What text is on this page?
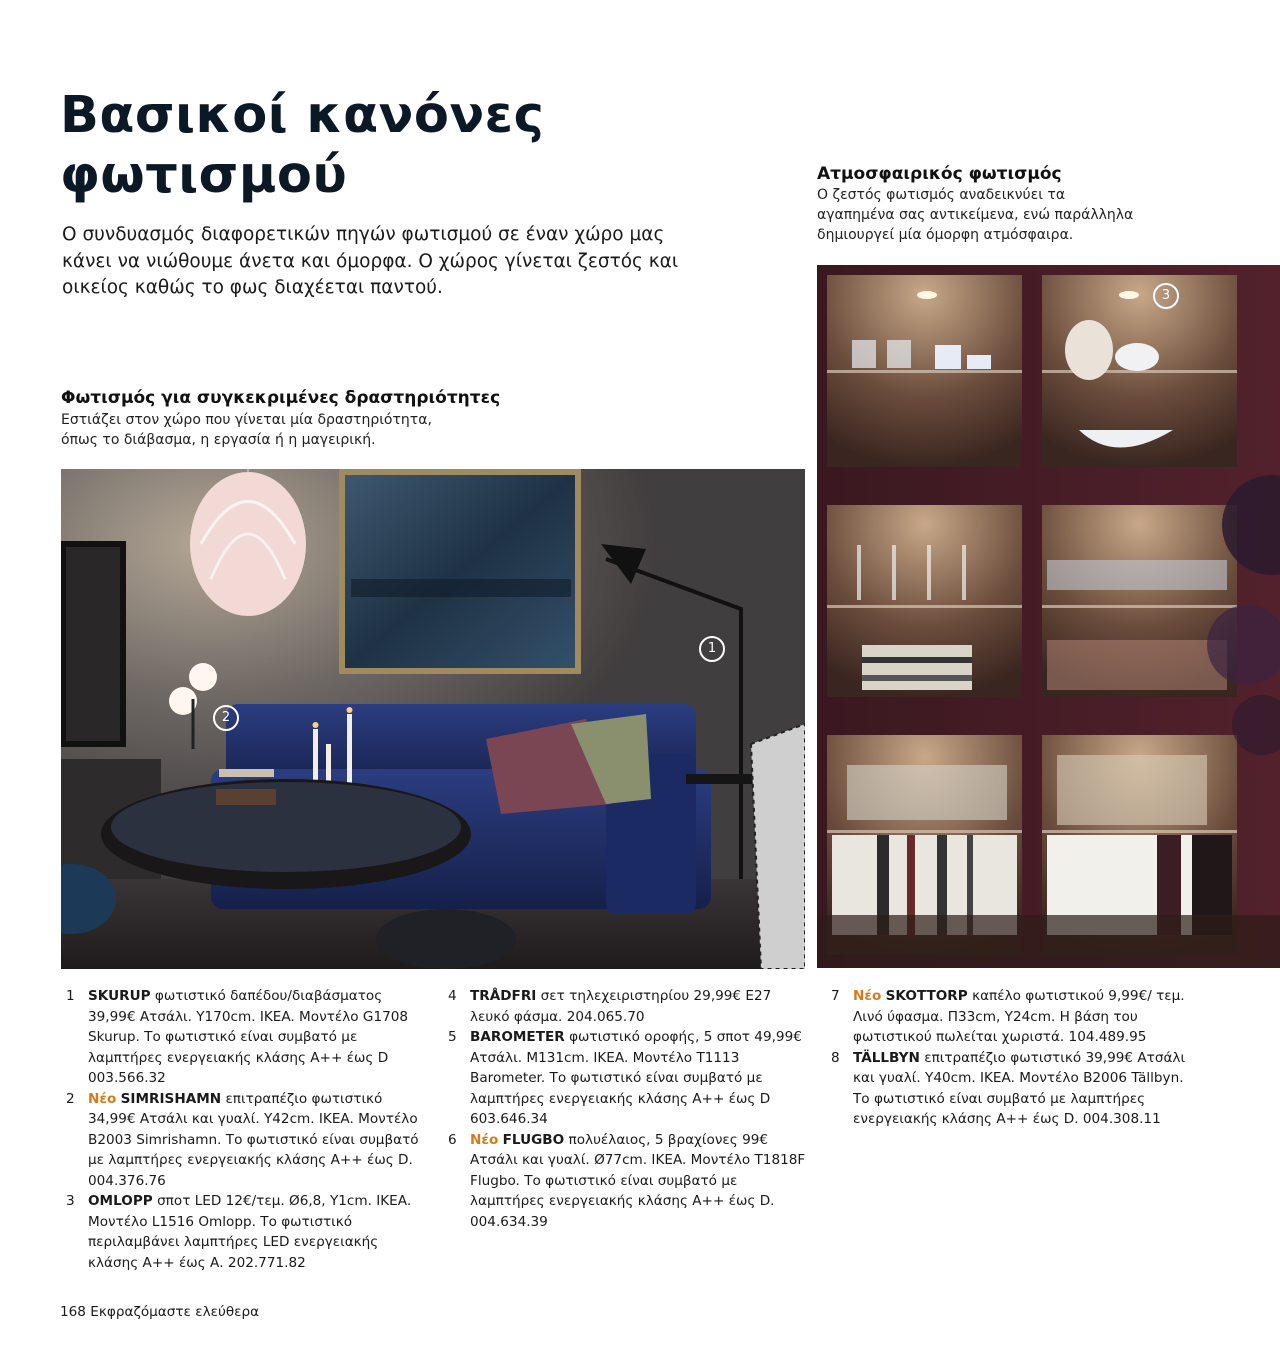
Βασικοί κανόνες
φωτισμού

Ο συνδυασμός διαφορετικών πηγών φωτισμού σε έναν χώρο μας κάνει να νιώθουμε άνετα και όμορφα. Ο χώρος γίνεται ζεστός και οικείος καθώς το φως διαχέεται παντού.

Φωτισμός για συγκεκριμένες δραστηριότητες

Εστιάζει στον χώρο που γίνεται μία δραστηριότητα,
όπως το διάβασμα, η εργασία ή η μαγειρική.

Ατμοσφαιρικός φωτισμός

Ο ζεστός φωτισμός αναδεικνύει τα
αγαπημένα σας αντικείμενα, ενώ παράλληλα
δημιουργεί μία όμορφη ατμόσφαιρα.

1
2
3
1 SKURUP φωτιστικό δαπέδου/διαβάσματος 39,99€ Ατσάλι. Υ170cm. IKEA. Μοντέλο G1708 Skurup. Το φωτιστικό είναι συμβατό με λαμπτήρες ενεργειακής κλάσης Α++ έως D 003.566.32
2 Νέο SIMRISHAMN επιτραπέζιο φωτιστικό 34,99€ Ατσάλι και γυαλί. Υ42cm. IKEA. Μοντέλο B2003 Simrishamn. Το φωτιστικό είναι συμβατό με λαμπτήρες ενεργειακής κλάσης Α++ έως D. 004.376.76
3 OMLOPP σποτ LED 12€/τεμ. Ø6,8, Y1cm. IKEA. Μοντέλο L1516 Omlopp. Το φωτιστικό περιλαμβάνει λαμπτήρες LED ενεργειακής κλάσης Α++ έως Α. 202.771.82
4 TRÅDFRI σετ τηλεχειριστηρίου 29,99€ E27 λευκό φάσμα. 204.065.70
5 BAROMETER φωτιστικό οροφής, 5 σποτ 49,99€ Ατσάλι. M131cm. IKEA. Μοντέλο T1113 Barometer. Το φωτιστικό είναι συμβατό με λαμπτήρες ενεργειακής κλάσης Α++ έως D 603.646.34
6 Νέο FLUGBO πολυέλαιος, 5 βραχίονες 99€ Ατσάλι και γυαλί. Ø77cm. IKEA. Μοντέλο T1818F Flugbo. Το φωτιστικό είναι συμβατό με λαμπτήρες ενεργειακής κλάσης Α++ έως D. 004.634.39
7 Νέο SKOTTORP καπέλο φωτιστικού 9,99€/ τεμ. Λινό ύφασμα. Π33cm, Υ24cm. Η βάση του φωτιστικού πωλείται χωριστά. 104.489.95
8 TÄLLBYN επιτραπέζιο φωτιστικό 39,99€ Ατσάλι και γυαλί. Υ40cm. IKEA. Μοντέλο B2006 Tällbyn. Το φωτιστικό είναι συμβατό με λαμπτήρες ενεργειακής κλάσης Α++ έως D. 004.308.11
168 Εκφραζόμαστε ελεύθερα
